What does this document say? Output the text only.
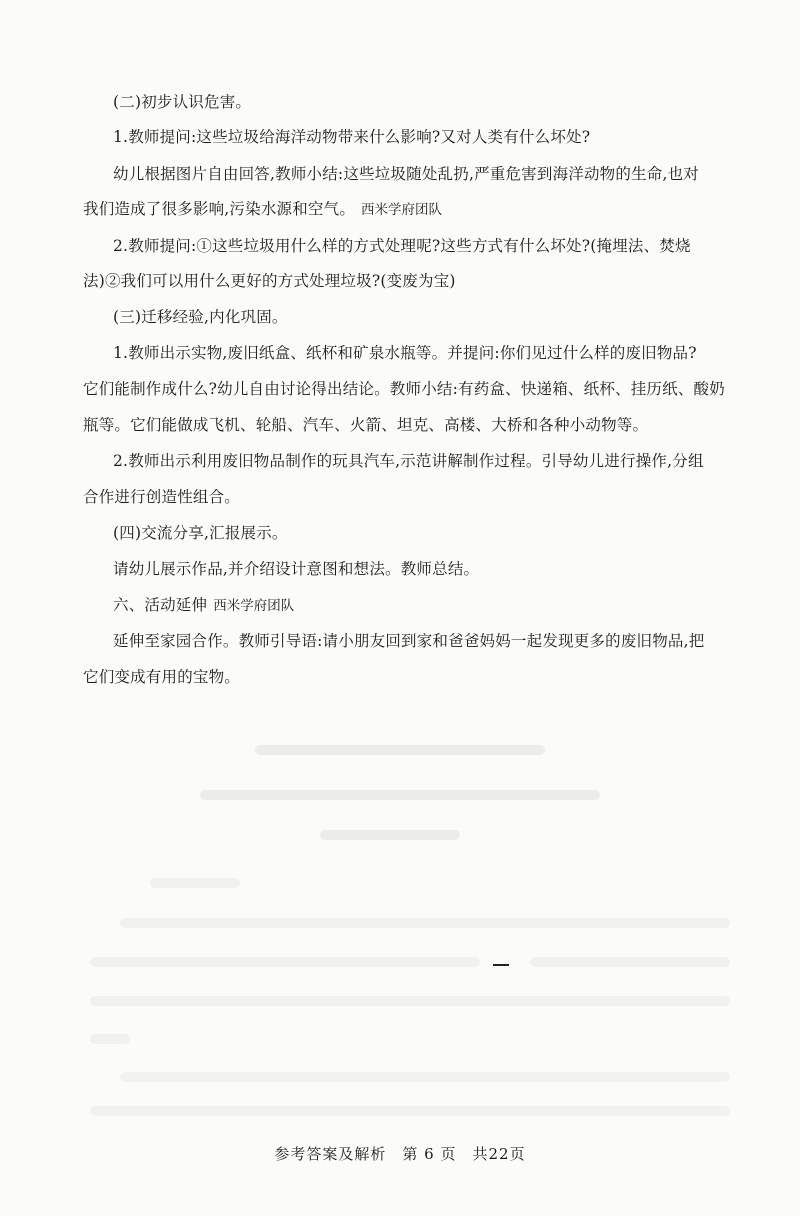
(二)初步认识危害。
1.教师提问:这些垃圾给海洋动物带来什么影响?又对人类有什么坏处?
幼儿根据图片自由回答,教师小结:这些垃圾随处乱扔,严重危害到海洋动物的生命,也对
我们造成了很多影响,污染水源和空气。 西米学府团队
2.教师提问:①这些垃圾用什么样的方式处理呢?这些方式有什么坏处?(掩埋法、焚烧
法)②我们可以用什么更好的方式处理垃圾?(变废为宝)
(三)迁移经验,内化巩固。
1.教师出示实物,废旧纸盒、纸杯和矿泉水瓶等。并提问:你们见过什么样的废旧物品?
它们能制作成什么?幼儿自由讨论得出结论。教师小结:有药盒、快递箱、纸杯、挂历纸、酸奶
瓶等。它们能做成飞机、轮船、汽车、火箭、坦克、高楼、大桥和各种小动物等。
2.教师出示利用废旧物品制作的玩具汽车,示范讲解制作过程。引导幼儿进行操作,分组
合作进行创造性组合。
(四)交流分享,汇报展示。
请幼儿展示作品,并介绍设计意图和想法。教师总结。
六、活动延伸 西米学府团队
延伸至家园合作。教师引导语:请小朋友回到家和爸爸妈妈一起发现更多的废旧物品,把
它们变成有用的宝物。
参考答案及解析　第 6 页　共22页
